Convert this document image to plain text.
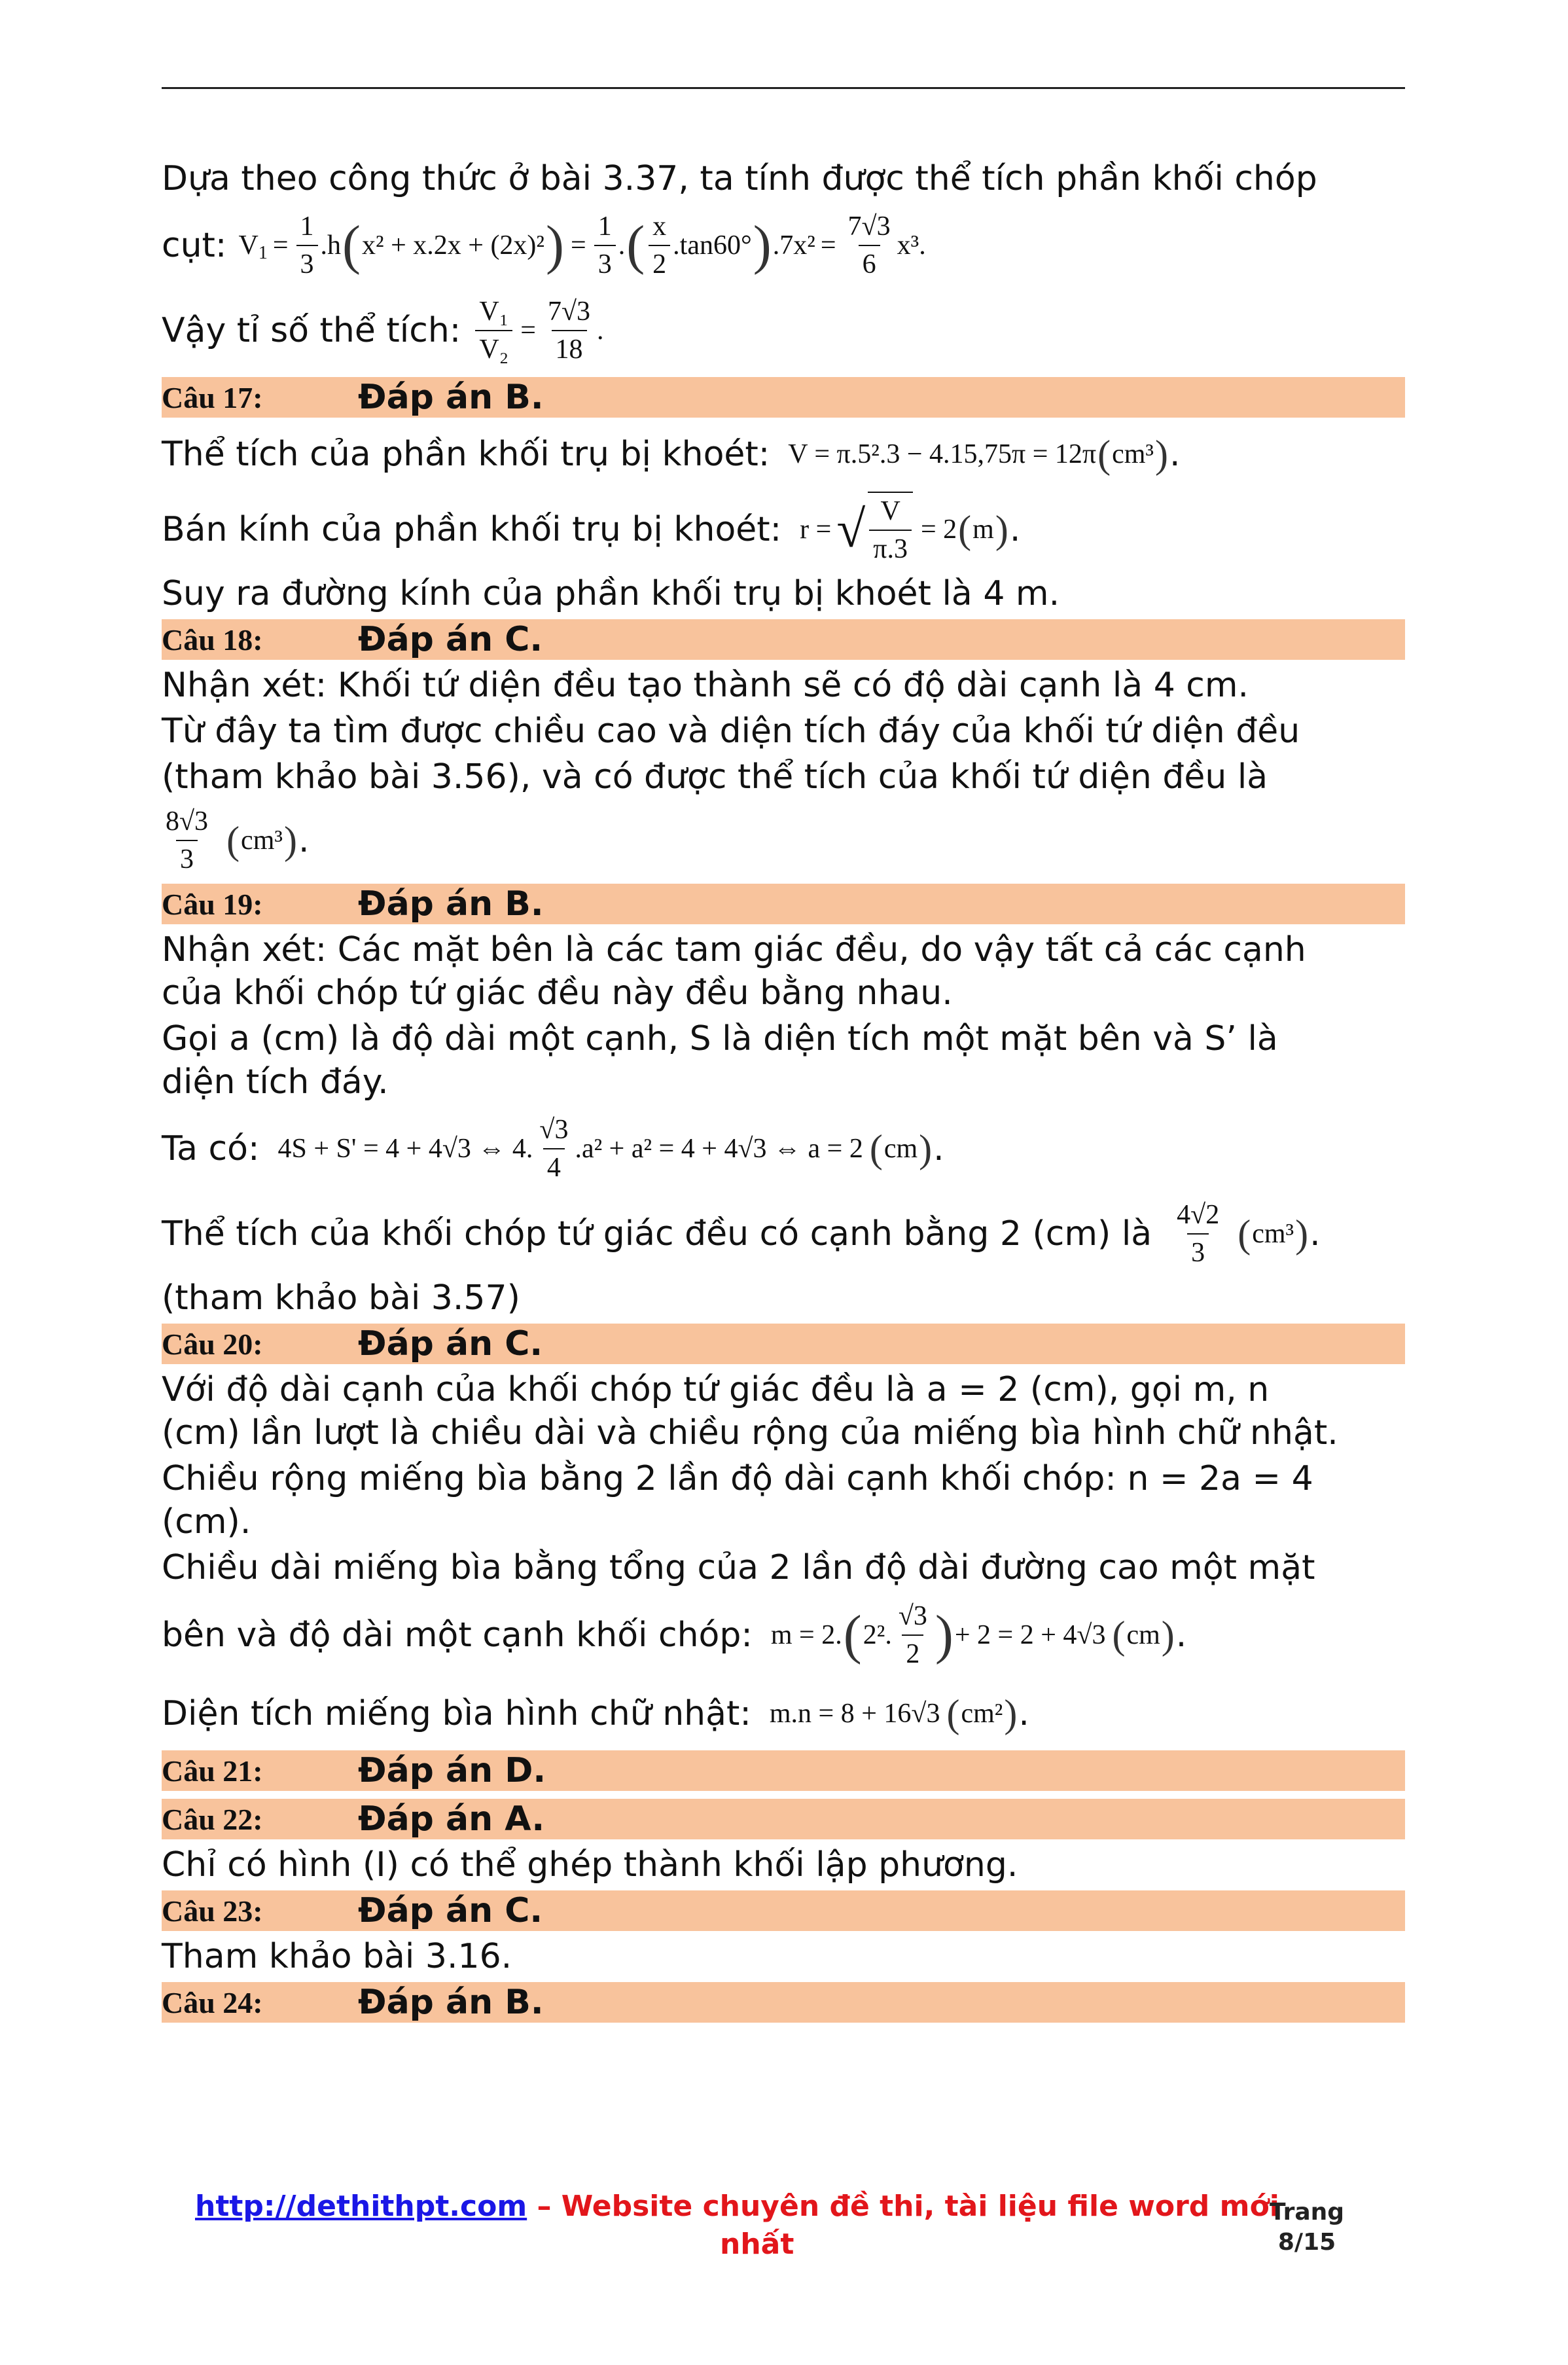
Dựa theo công thức ở bài 3.37, ta tính được thể tích phần khối chóp

cụt: V $1 = \frac{1}{3} .h$ ( x² + x.2x + (2x)² ) = $\frac{1}{3}$ . ( $\frac{x}{2} .\tan 60^\circ$ ) $.7x^2 = \frac{7√3}{6} x^3$.
Vậy tỉ số thể tích: $\frac{\text{V₁}}{\text{V₂}} = \frac{7√3}{18}$ .
Câu 17:	Đáp án B.
Thể tích của phần khối trụ bị khoét: V = π.5².3 − 4.15,75π = 12π ( cm³ ) .
Bán kính của phần khối trụ bị khoét: r = √ $\frac{V}{\pi.3} = 2$ ( m ) .

Suy ra đường kính của phần khối trụ bị khoét là 4 m.

Câu 18:	Đáp án C.

Nhận xét: Khối tứ diện đều tạo thành sẽ có độ dài cạnh là 4 cm.

Từ đây ta tìm được chiều cao và diện tích đáy của khối tứ diện đều

(tham khảo bài 3.56), và có được thể tích của khối tứ diện đều là

$\frac{8√3}{3}$ ( cm³ ) .
Câu 19:	Đáp án B.

Nhận xét: Các mặt bên là các tam giác đều, do vậy tất cả các cạnh

của khối chóp tứ giác đều này đều bằng nhau.

Gọi a (cm) là độ dài một cạnh, S là diện tích một mặt bên và S’ là

diện tích đáy.

Ta có: 4S + S' = 4 + 4√3 ⇔ 4. $\frac{√3}{4} .a^2 + a^2 = 4 + 4√3$ ⇔ a = 2 ( cm ) .
Thể tích của khối chóp tứ giác đều có cạnh bằng 2 (cm) là $\frac{4√2}{3}$ ( cm³ ) .

(tham khảo bài 3.57)

Câu 20:	Đáp án C.

Với độ dài cạnh của khối chóp tứ giác đều là a = 2 (cm), gọi m, n

(cm) lần lượt là chiều dài và chiều rộng của miếng bìa hình chữ nhật.

Chiều rộng miếng bìa bằng 2 lần độ dài cạnh khối chóp: n = 2a = 4

(cm).

Chiều dài miếng bìa bằng tổng của 2 lần độ dài đường cao một mặt

bên và độ dài một cạnh khối chóp: m = 2. ( 2². $\frac{√3}{2}$ ) + 2 = 2 + 4√3 ( cm ) .
Diện tích miếng bìa hình chữ nhật: m.n = 8 + 16√3 ( cm² ) .
Câu 21:	Đáp án D.
Câu 22:	Đáp án A.

Chỉ có hình (I) có thể ghép thành khối lập phương.

Câu 23:	Đáp án C.

Tham khảo bài 3.16.

Câu 24:	Đáp án B.
http://dethithpt.com – Website chuyên đề thi, tài liệu file word mới
nhất
Trang
8/15
